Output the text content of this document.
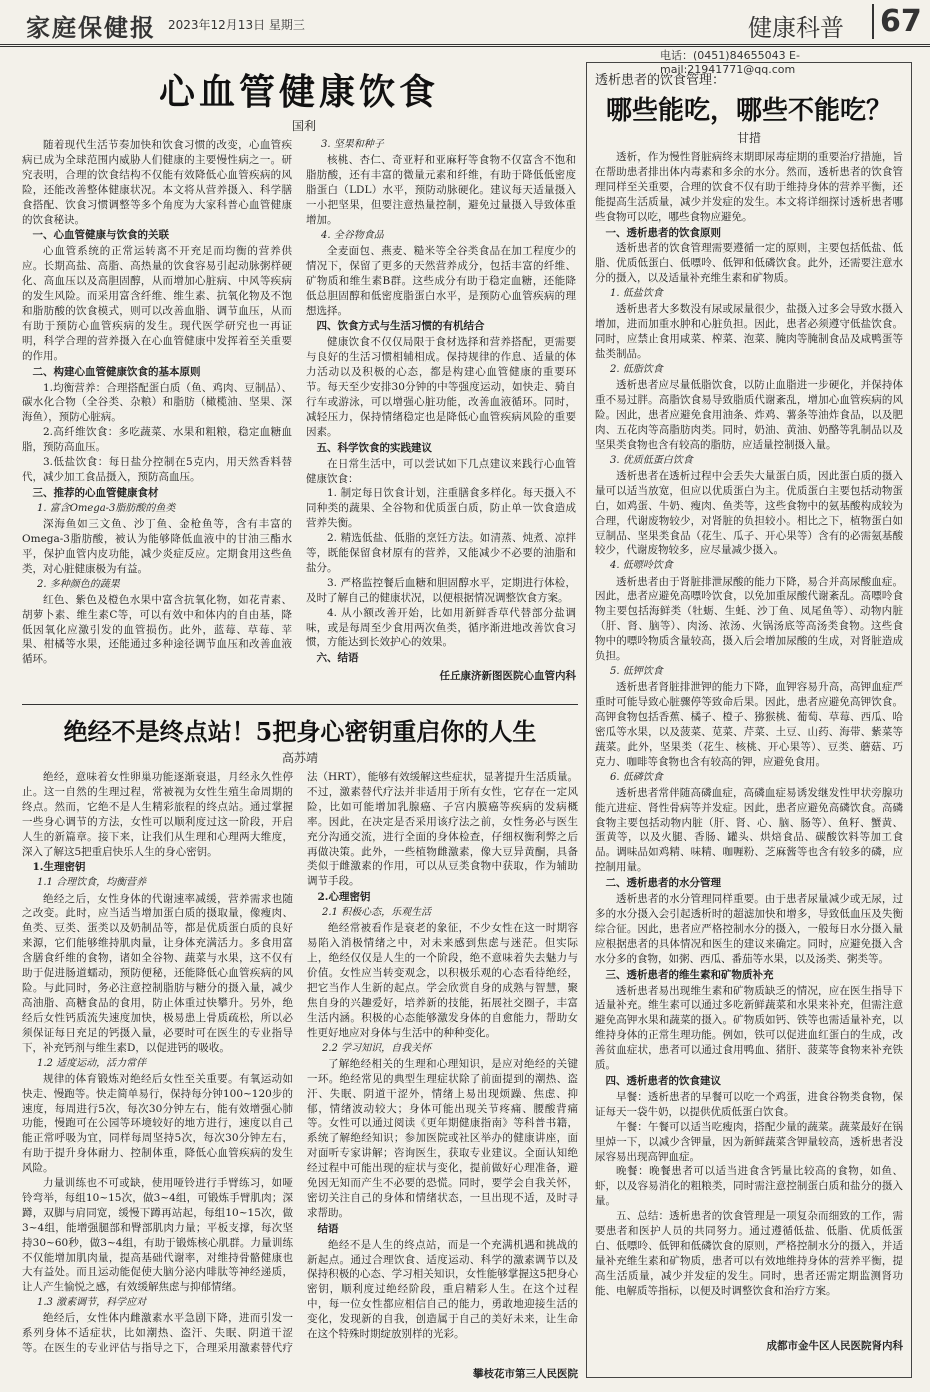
家庭保健报 2023年12月13日 星期三	健康科普 67
电话：(0451)84655043 E-mail:21941771@qq.com
心血管健康饮食
国利

随着现代生活节奏加快和饮食习惯的改变，心血管疾病已成为全球范围内威胁人们健康的主要慢性病之一。研究表明，合理的饮食结构不仅能有效降低心血管疾病的风险，还能改善整体健康状况。本文将从营养摄入、科学膳食搭配、饮食习惯调整等多个角度为大家科普心血管健康的饮食秘诀。

一、心血管健康与饮食的关联

心血管系统的正常运转离不开充足而均衡的营养供应。长期高盐、高脂、高热量的饮食容易引起动脉粥样硬化、高血压以及高胆固醇，从而增加心脏病、中风等疾病的发生风险。而采用富含纤维、维生素、抗氧化物及不饱和脂肪酸的饮食模式，则可以改善血脂、调节血压，从而有助于预防心血管疾病的发生。现代医学研究也一再证明，科学合理的营养摄入在心血管健康中发挥着至关重要的作用。

二、构建心血管健康饮食的基本原则

1.均衡营养：合理搭配蛋白质（鱼、鸡肉、豆制品）、碳水化合物（全谷类、杂粮）和脂肪（橄榄油、坚果、深海鱼），预防心脏病。

2.高纤维饮食：多吃蔬菜、水果和粗粮，稳定血糖血脂，预防高血压。

3.低盐饮食：每日盐分控制在5克内，用天然香料替代，减少加工食品摄入，预防高血压。

三、推荐的心血管健康食材
1. 富含Omega-3脂肪酸的鱼类

深海鱼如三文鱼、沙丁鱼、金枪鱼等，含有丰富的Omega-3脂肪酸，被认为能够降低血液中的甘油三酯水平，保护血管内皮功能，减少炎症反应。定期食用这些鱼类，对心脏健康极为有益。

2. 多种颜色的蔬果

红色、紫色及橙色水果中富含抗氧化物，如花青素、胡萝卜素、维生素C等，可以有效中和体内的自由基，降低因氧化应激引发的血管损伤。此外，蓝莓、草莓、苹果、柑橘等水果，还能通过多种途径调节血压和改善血液循环。

3. 坚果和种子

核桃、杏仁、奇亚籽和亚麻籽等食物不仅富含不饱和脂肪酸，还有丰富的微量元素和纤维，有助于降低低密度脂蛋白（LDL）水平，预防动脉硬化。建议每天适量摄入一小把坚果，但要注意热量控制，避免过量摄入导致体重增加。

4. 全谷物食品

全麦面包、燕麦、糙米等全谷类食品在加工程度少的情况下，保留了更多的天然营养成分，包括丰富的纤维、矿物质和维生素B群。这些成分有助于稳定血糖，还能降低总胆固醇和低密度脂蛋白水平，是预防心血管疾病的理想选择。

四、饮食方式与生活习惯的有机结合

健康饮食不仅仅局限于食材选择和营养搭配，更需要与良好的生活习惯相辅相成。保持规律的作息、适量的体力活动以及积极的心态，都是构建心血管健康的重要环节。每天至少安排30分钟的中等强度运动，如快走、骑自行车或游泳，可以增强心脏功能，改善血液循环。同时，减轻压力，保持情绪稳定也是降低心血管疾病风险的重要因素。

五、科学饮食的实践建议

在日常生活中，可以尝试如下几点建议来践行心血管健康饮食：

1. 制定每日饮食计划，注重膳食多样化。每天摄入不同种类的蔬果、全谷物和优质蛋白质，防止单一饮食造成营养失衡。

2. 精选低盐、低脂的烹饪方法。如清蒸、炖煮、凉拌等，既能保留食材原有的营养，又能减少不必要的油脂和盐分。

3. 严格监控餐后血糖和胆固醇水平，定期进行体检，及时了解自己的健康状况，以便根据情况调整饮食方案。

4. 从小额改善开始，比如用新鲜香草代替部分盐调味，或是每周至少食用两次鱼类，循序渐进地改善饮食习惯，方能达到长效护心的效果。

六、结语

任丘康济新图医院心血管内科
绝经不是终点站！5把身心密钥重启你的人生
高苏靖

绝经，意味着女性卵巢功能逐渐衰退，月经永久性停止。这一自然的生理过程，常被视为女性生殖生命周期的终点。然而，它绝不是人生精彩旅程的终点站。通过掌握一些身心调节的方法，女性可以顺利度过这一阶段，开启人生的新篇章。接下来，让我们从生理和心理两大维度，深入了解这5把重启快乐人生的身心密钥。

1.生理密钥
1.1 合理饮食，均衡营养

绝经之后，女性身体的代谢速率减缓，营养需求也随之改变。此时，应当适当增加蛋白质的摄取量，像瘦肉、鱼类、豆类、蛋类以及奶制品等，都是优质蛋白质的良好来源，它们能够维持肌肉量，让身体充满活力。多食用富含膳食纤维的食物，诸如全谷物、蔬菜与水果，这不仅有助于促进肠道蠕动，预防便秘，还能降低心血管疾病的风险。与此同时，务必注意控制脂肪与糖分的摄入量，减少高油脂、高糖食品的食用，防止体重过快攀升。另外，绝经后女性钙质流失速度加快，极易患上骨质疏松，所以必须保证每日充足的钙摄入量，必要时可在医生的专业指导下，补充钙剂与维生素D，以促进钙的吸收。

1.2 适度运动，活力常伴

规律的体育锻炼对绝经后女性至关重要。有氧运动如快走、慢跑等。快走简单易行，保持每分钟100~120步的速度，每周进行5次，每次30分钟左右，能有效增强心肺功能，慢跑可在公园等环境较好的地方进行，速度以自己能正常呼吸为宜，同样每周坚持5次，每次30分钟左右，有助于提升身体耐力、控制体重，降低心血管疾病的发生风险。

力量训练也不可或缺，使用哑铃进行手臂练习，如哑铃弯举，每组10~15次，做3~4组，可锻炼手臂肌肉；深蹲，双脚与肩同宽，缓慢下蹲再站起，每组10~15次，做3~4组，能增强腿部和臀部肌肉力量；平板支撑，每次坚持30~60秒，做3~4组，有助于锻炼核心肌群。力量训练不仅能增加肌肉量，提高基础代谢率，对维持骨骼健康也大有益处。而且运动能促使大脑分泌内啡肽等神经递质，让人产生愉悦之感，有效缓解焦虑与抑郁情绪。

1.3 激素调节，科学应对

绝经后，女性体内雌激素水平急剧下降，进而引发一系列身体不适症状，比如潮热、盗汗、失眠、阴道干涩等。在医生的专业评估与指导之下，合理采用激素替代疗法（HRT），能够有效缓解这些症状，显著提升生活质量。不过，激素替代疗法并非适用于所有女性，它存在一定风险，比如可能增加乳腺癌、子宫内膜癌等疾病的发病概率。因此，在决定是否采用该疗法之前，女性务必与医生充分沟通交流，进行全面的身体检查，仔细权衡利弊之后再做决策。此外，一些植物雌激素，像大豆异黄酮，具备类似于雌激素的作用，可以从豆类食物中获取，作为辅助调节手段。

2.心理密钥
2.1 积极心态，乐观生活

绝经常被看作是衰老的象征，不少女性在这一时期容易陷入消极情绪之中，对未来感到焦虑与迷茫。但实际上，绝经仅仅是人生的一个阶段，绝不意味着失去魅力与价值。女性应当转变观念，以积极乐观的心态看待绝经，把它当作人生新的起点。学会欣赏自身的成熟与智慧，聚焦自身的兴趣爱好，培养新的技能，拓展社交圈子，丰富生活内涵。积极的心态能够激发身体的自愈能力，帮助女性更好地应对身体与生活中的种种变化。

2.2 学习知识，自我关怀

了解绝经相关的生理和心理知识，是应对绝经的关键一环。绝经常见的典型生理症状除了前面提到的潮热、盗汗、失眠、阴道干涩外，情绪上易出现烦躁、焦虑、抑郁，情绪波动较大；身体可能出现关节疼痛、腰酸背痛等。女性可以通过阅读《更年期健康指南》等科普书籍，系统了解绝经知识；参加医院或社区举办的健康讲座，面对面听专家讲解；咨询医生，获取专业建议。全面认知绝经过程中可能出现的症状与变化，提前做好心理准备，避免因无知而产生不必要的恐慌。同时，要学会自我关怀，密切关注自己的身体和情绪状态，一旦出现不适，及时寻求帮助。

结语

绝经不是人生的终点站，而是一个充满机遇和挑战的新起点。通过合理饮食、适度运动、科学的激素调节以及保持积极的心态、学习相关知识，女性能够掌握这5把身心密钥，顺利度过绝经阶段，重启精彩人生。在这个过程中，每一位女性都应相信自己的能力，勇敢地迎接生活的变化，发现新的自我，创造属于自己的美好未来，让生命在这个特殊时期绽放别样的光彩。

攀枝花市第三人民医院
透析患者的饮食管理：
哪些能吃，哪些不能吃？
甘措

透析，作为慢性肾脏病终末期即尿毒症期的重要治疗措施，旨在帮助患者排出体内毒素和多余的水分。然而，透析患者的饮食管理同样至关重要，合理的饮食不仅有助于维持身体的营养平衡，还能提高生活质量，减少并发症的发生。本文将详细探讨透析患者哪些食物可以吃，哪些食物应避免。

一、透析患者的饮食原则

透析患者的饮食管理需要遵循一定的原则，主要包括低盐、低脂、优质低蛋白、低嘌呤、低钾和低磷饮食。此外，还需要注意水分的摄入，以及适量补充维生素和矿物质。

1. 低盐饮食

透析患者大多数没有尿或尿量很少，盐摄入过多会导致水摄入增加，进而加重水肿和心脏负担。因此，患者必须遵守低盐饮食。同时，应禁止食用咸菜、榨菜、泡菜、腌肉等腌制食品及咸鸭蛋等盐类制品。

2. 低脂饮食

透析患者应尽量低脂饮食，以防止血脂进一步硬化，并保持体重不易过胖。高脂饮食易导致脂质代谢紊乱，增加心血管疾病的风险。因此，患者应避免食用油条、炸鸡、薯条等油炸食品，以及肥肉、五花肉等高脂肪肉类。同时，奶油、黄油、奶酪等乳制品以及坚果类食物也含有较高的脂肪，应适量控制摄入量。

3. 优质低蛋白饮食

透析患者在透析过程中会丢失大量蛋白质，因此蛋白质的摄入量可以适当放宽，但应以优质蛋白为主。优质蛋白主要包括动物蛋白，如鸡蛋、牛奶、瘦肉、鱼类等，这些食物中的氨基酸构成较为合理，代谢废物较少，对肾脏的负担较小。相比之下，植物蛋白如豆制品、坚果类食品（花生、瓜子、开心果等）含有的必需氨基酸较少，代谢废物较多，应尽量减少摄入。

4. 低嘌呤饮食

透析患者由于肾脏排泄尿酸的能力下降，易合并高尿酸血症。因此，患者应避免高嘌呤饮食，以免加重尿酸代谢紊乱。高嘌呤食物主要包括海鲜类（牡蛎、生蚝、沙丁鱼、凤尾鱼等）、动物内脏（肝、肾、脑等）、肉汤、浓汤、火锅汤底等高汤类食物。这些食物中的嘌呤物质含量较高，摄入后会增加尿酸的生成，对肾脏造成负担。

5. 低钾饮食

透析患者肾脏排泄钾的能力下降，血钾容易升高，高钾血症严重时可能导致心脏骤停等致命后果。因此，患者应避免高钾饮食。高钾食物包括香蕉、橘子、橙子、猕猴桃、葡萄、草莓、西瓜、哈密瓜等水果，以及菠菜、苋菜、芹菜、土豆、山药、海带、紫菜等蔬菜。此外，坚果类（花生、核桃、开心果等）、豆类、蘑菇、巧克力、咖啡等食物也含有较高的钾，应避免食用。

6. 低磷饮食

透析患者常伴随高磷血症，高磷血症易诱发继发性甲状旁腺功能亢进症、肾性骨病等并发症。因此，患者应避免高磷饮食。高磷食物主要包括动物内脏（肝、肾、心、脑、肠等）、鱼籽、蟹黄、蛋黄等，以及火腿、香肠、罐头、烘焙食品、碳酸饮料等加工食品。调味品如鸡精、味精、咖喱粉、芝麻酱等也含有较多的磷，应控制用量。

二、透析患者的水分管理

透析患者的水分管理同样重要。由于患者尿量减少或无尿，过多的水分摄入会引起透析时的超滤加快和增多，导致低血压及失衡综合征。因此，患者应严格控制水分的摄入，一般每日水分摄入量应根据患者的具体情况和医生的建议来确定。同时，应避免摄入含水分多的食物，如粥、西瓜、番茄等水果，以及汤类、粥类等。

三、透析患者的维生素和矿物质补充

透析患者易出现维生素和矿物质缺乏的情况，应在医生指导下适量补充。维生素可以通过多吃新鲜蔬菜和水果来补充，但需注意避免高钾水果和蔬菜的摄入。矿物质如钙、铁等也需适量补充，以维持身体的正常生理功能。例如，铁可以促进血红蛋白的生成，改善贫血症状，患者可以通过食用鸭血、猪肝、菠菜等食物来补充铁质。

四、透析患者的饮食建议

早餐：透析患者的早餐可以吃一个鸡蛋，进食谷物类食物，保证每天一袋牛奶，以提供优质低蛋白饮食。

午餐：午餐可以适当吃瘦肉，搭配少量的蔬菜。蔬菜最好在锅里焯一下，以减少含钾量，因为新鲜蔬菜含钾量较高，透析患者没尿容易出现高钾血症。

晚餐：晚餐患者可以适当进食含钙量比较高的食物，如鱼、虾，以及容易消化的粗粮类，同时需注意控制蛋白质和盐分的摄入量。

五、总结：透析患者的饮食管理是一项复杂而细致的工作，需要患者和医护人员的共同努力。通过遵循低盐、低脂、优质低蛋白、低嘌呤、低钾和低磷饮食的原则，严格控制水分的摄入，并适量补充维生素和矿物质，患者可以有效地维持身体的营养平衡，提高生活质量，减少并发症的发生。同时，患者还需定期监测肾功能、电解质等指标，以便及时调整饮食和治疗方案。

成都市金牛区人民医院肾内科
